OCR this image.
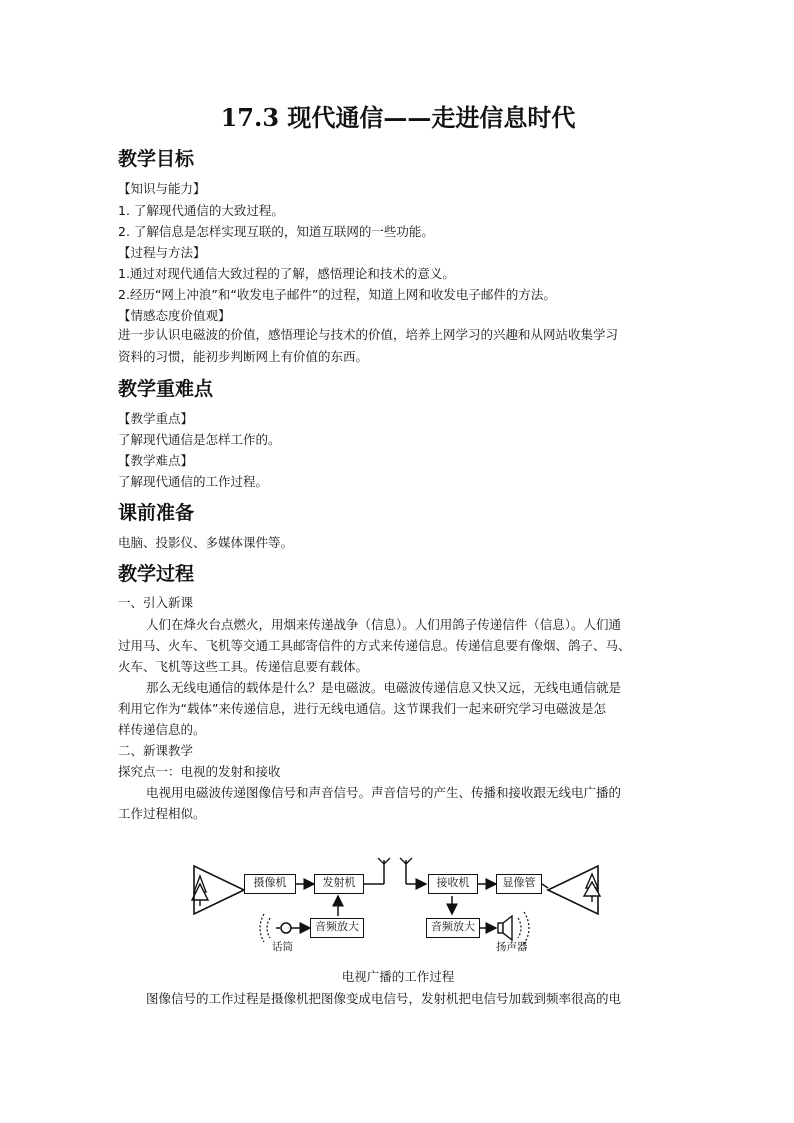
17.3 现代通信——走进信息时代
教学目标
【知识与能力】
1. 了解现代通信的大致过程。
2. 了解信息是怎样实现互联的，知道互联网的一些功能。
【过程与方法】
1.通过对现代通信大致过程的了解，感悟理论和技术的意义。
2.经历“网上冲浪”和“收发电子邮件”的过程，知道上网和收发电子邮件的方法。
【情感态度价值观】
进一步认识电磁波的价值，感悟理论与技术的价值，培养上网学习的兴趣和从网站收集学习
资料的习惯，能初步判断网上有价值的东西。
教学重难点
【教学重点】
了解现代通信是怎样工作的。
【教学难点】
了解现代通信的工作过程。
课前准备
电脑、投影仪、多媒体课件等。
教学过程
一、引入新课
人们在烽火台点燃火，用烟来传递战争（信息）。人们用鸽子传递信件（信息）。人们通
过用马、火车、飞机等交通工具邮寄信件的方式来传递信息。传递信息要有像烟、鸽子、马、
火车、飞机等这些工具。传递信息要有载体。
那么无线电通信的载体是什么？是电磁波。电磁波传递信息又快又远，无线电通信就是
利用它作为“载体”来传递信息，进行无线电通信。这节课我们一起来研究学习电磁波是怎
样传递信息的。
二、新课教学
探究点一：电视的发射和接收
电视用电磁波传递图像信号和声音信号。声音信号的产生、传播和接收跟无线电广播的
工作过程相似。
摄像机	发射机
音频放大
接收机	显像管
音频放大
话筒	扬声器
电视广播的工作过程
图像信号的工作过程是摄像机把图像变成电信号，发射机把电信号加载到频率很高的电
